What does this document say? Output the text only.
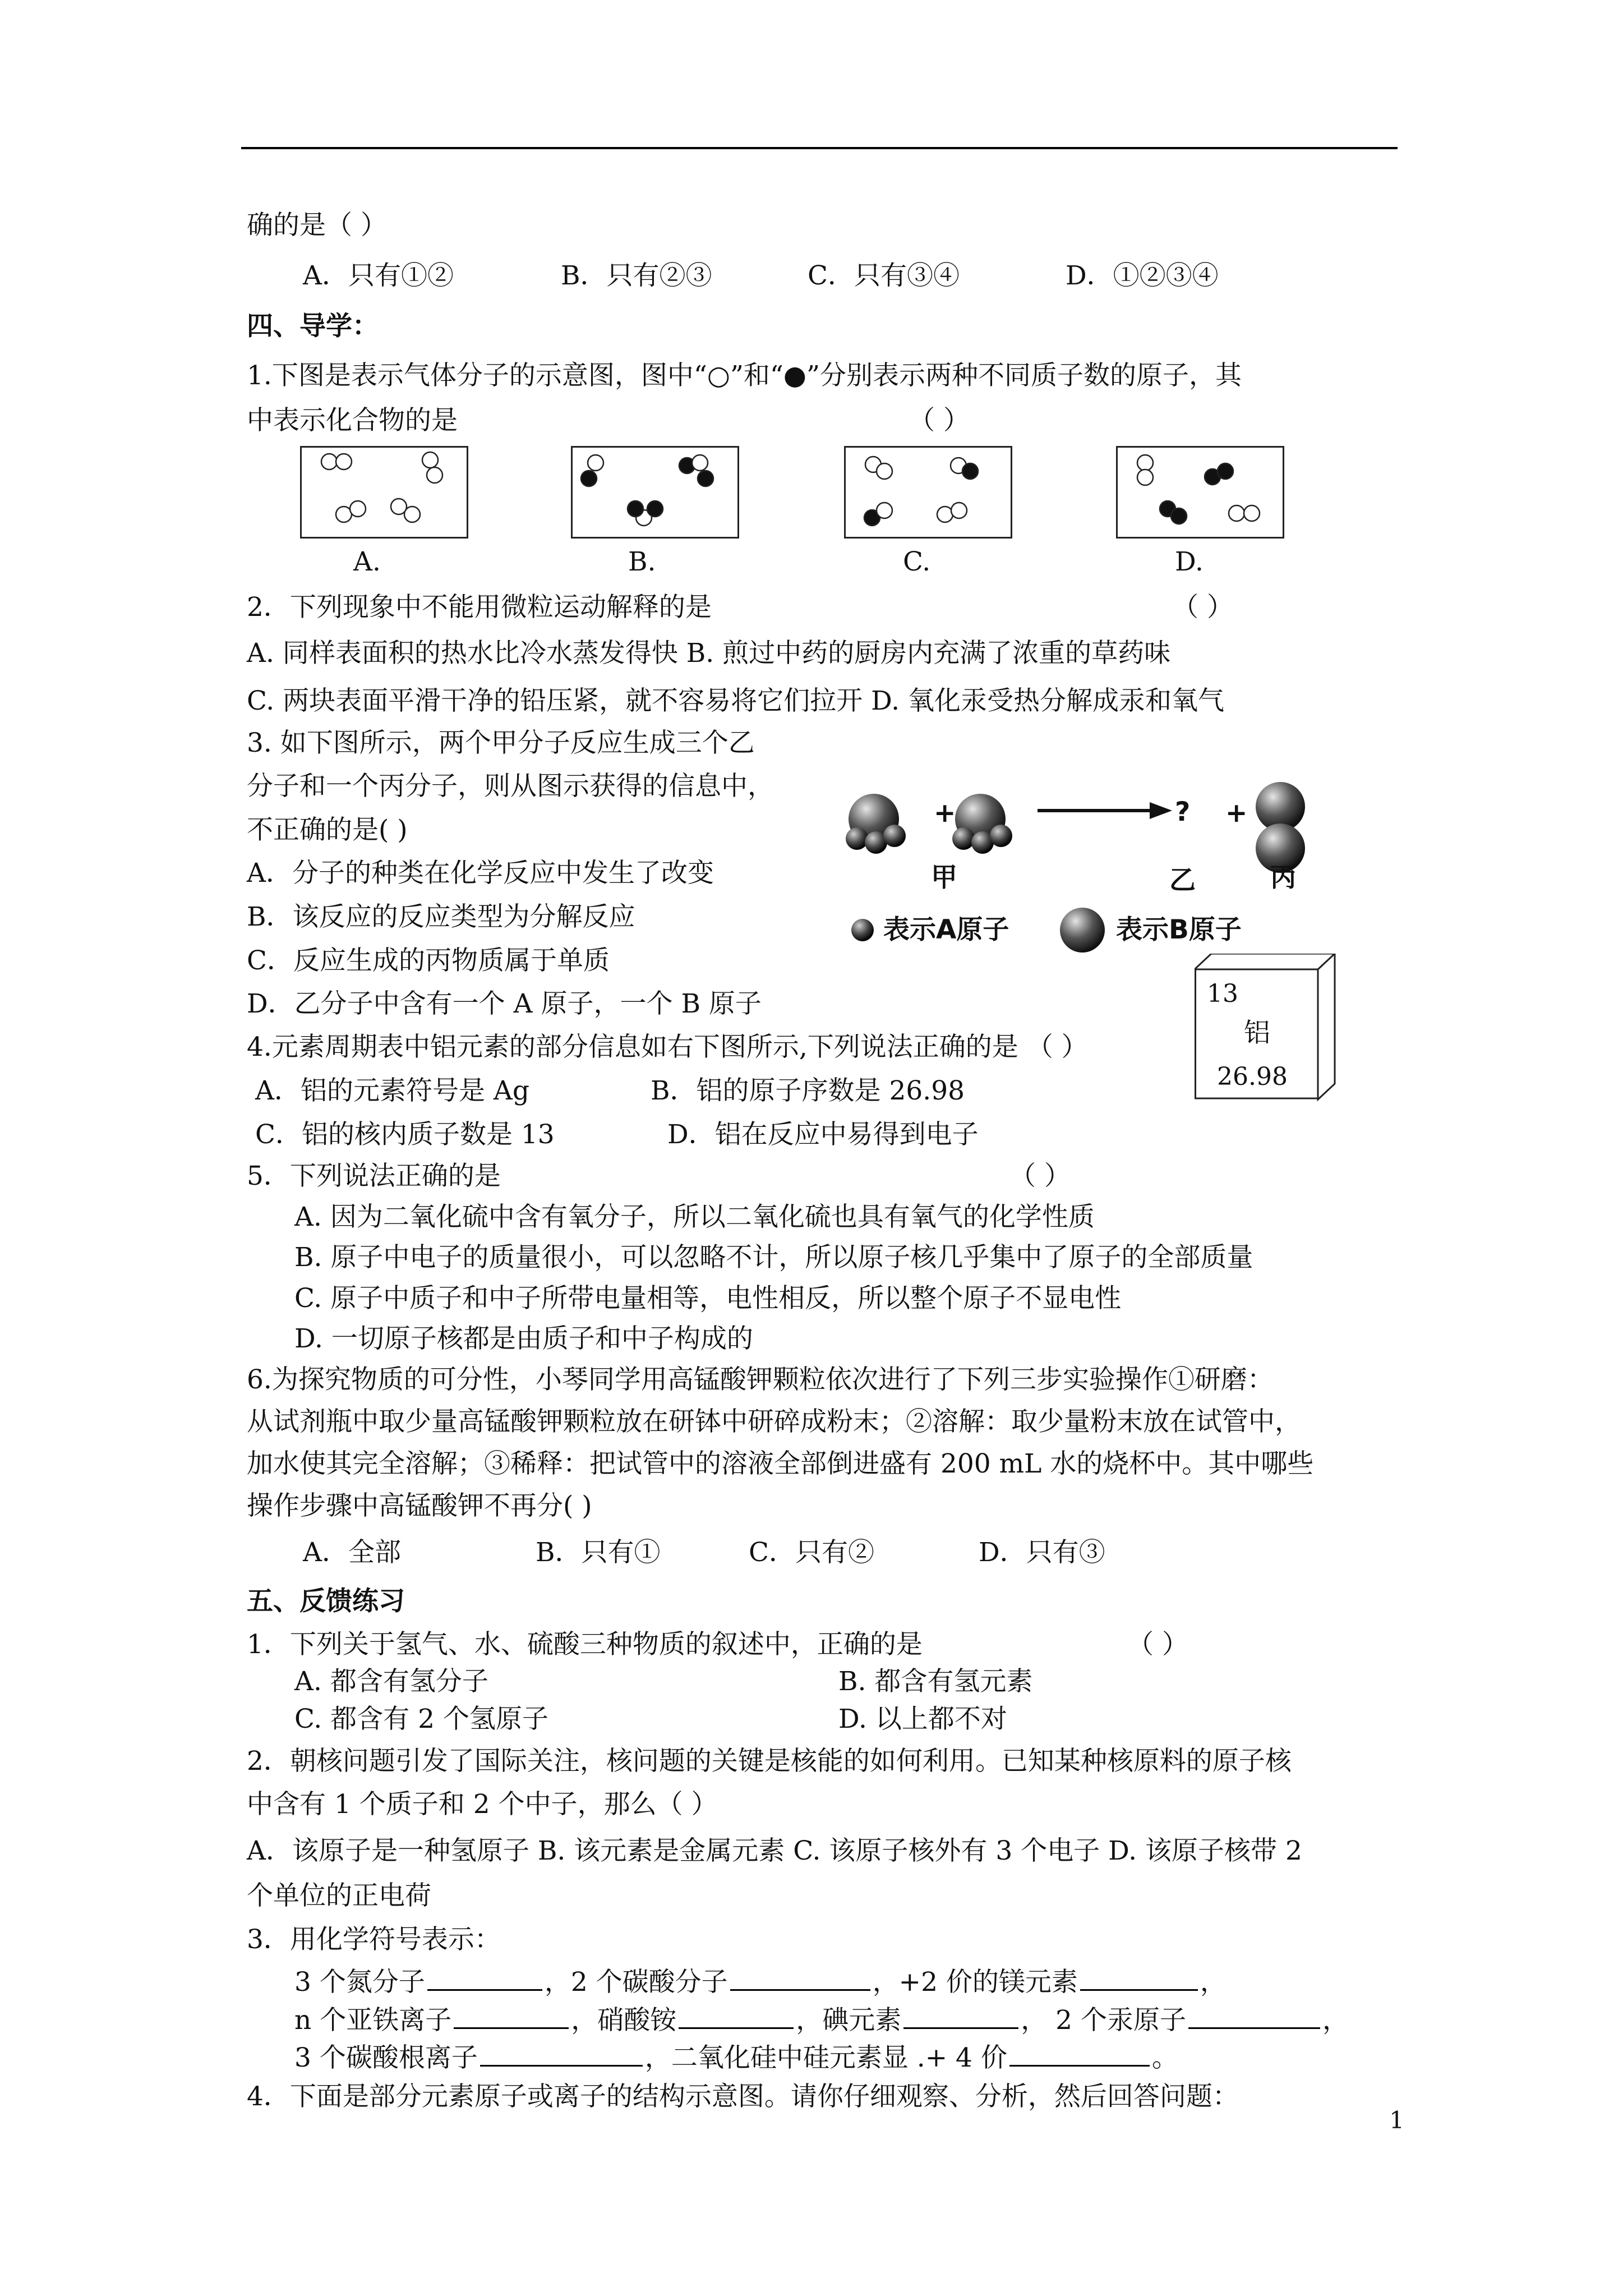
确的是（ ）
A．只有①②	B．只有②③	C．只有③④	D．①②③④
四、导学：
1.下图是表示气体分子的示意图，图中“○”和“●”分别表示两种不同质子数的原子，其
中表示化合物的是	（ ）
A.	B.	C.	D.
2．下列现象中不能用微粒运动解释的是	（ ）
A. 同样表面积的热水比冷水蒸发得快 B. 煎过中药的厨房内充满了浓重的草药味
C. 两块表面平滑干净的铅压紧，就不容易将它们拉开 D. 氧化汞受热分解成汞和氧气
3. 如下图所示，两个甲分子反应生成三个乙
分子和一个丙分子，则从图示获得的信息中，
不正确的是( )
A．分子的种类在化学反应中发生了改变
B．该反应的反应类型为分解反应
C．反应生成的丙物质属于单质
D．乙分子中含有一个 A 原子，一个 B 原子
+	? +
甲	乙	丙
表示A原子	表示B原子
13
铝
26.98
4.元素周期表中铝元素的部分信息如右下图所示,下列说法正确的是 （ ）
A．铝的元素符号是 Ag	B．铝的原子序数是 26.98
C．铝的核内质子数是 13	D．铝在反应中易得到电子
5．下列说法正确的是	（ ）
A. 因为二氧化硫中含有氧分子，所以二氧化硫也具有氧气的化学性质
B. 原子中电子的质量很小，可以忽略不计，所以原子核几乎集中了原子的全部质量
C. 原子中质子和中子所带电量相等，电性相反，所以整个原子不显电性
D. 一切原子核都是由质子和中子构成的
6.为探究物质的可分性，小琴同学用高锰酸钾颗粒依次进行了下列三步实验操作①研磨：
从试剂瓶中取少量高锰酸钾颗粒放在研钵中研碎成粉末；②溶解：取少量粉末放在试管中，
加水使其完全溶解；③稀释：把试管中的溶液全部倒进盛有 200 mL 水的烧杯中。其中哪些
操作步骤中高锰酸钾不再分( )
A．全部	B．只有①	C．只有②	D．只有③
五、反馈练习
1．下列关于氢气、水、硫酸三种物质的叙述中，正确的是	（ ）
A. 都含有氢分子	B. 都含有氢元素
C. 都含有 2 个氢原子	D. 以上都不对
2．朝核问题引发了国际关注，核问题的关键是核能的如何利用。已知某种核原料的原子核
中含有 1 个质子和 2 个中子，那么（ ）
A．该原子是一种氢原子 B. 该元素是金属元素 C. 该原子核外有 3 个电子 D. 该原子核带 2
个单位的正电荷
3．用化学符号表示：
3 个氮分子	，2 个碳酸分子	，+2 价的镁元素	，
n 个亚铁离子	，硝酸铵	，碘元素	， 2 个汞原子	，
3 个碳酸根离子	，二氧化硅中硅元素显 .+ 4 价	。
4．下面是部分元素原子或离子的结构示意图。请你仔细观察、分析，然后回答问题：
1
